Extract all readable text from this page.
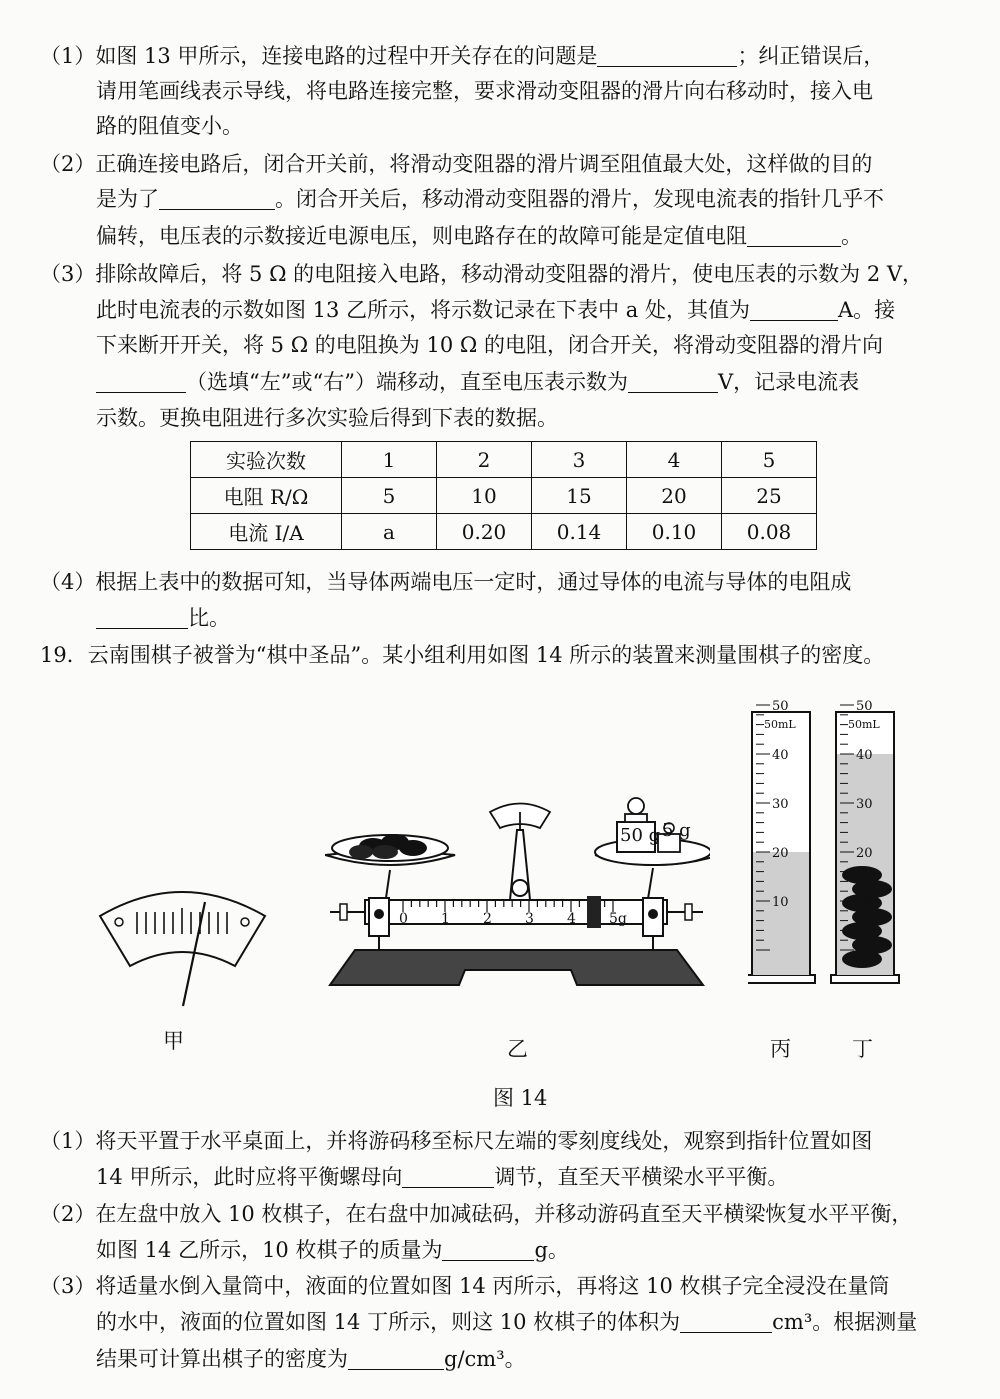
（1）如图 13 甲所示，连接电路的过程中开关存在的问题是	；纠正错误后，
请用笔画线表示导线，将电路连接完整，要求滑动变阻器的滑片向右移动时，接入电
路的阻值变小。
（2）正确连接电路后，闭合开关前，将滑动变阻器的滑片调至阻值最大处，这样做的目的
是为了	。闭合开关后，移动滑动变阻器的滑片，发现电流表的指针几乎不
偏转，电压表的示数接近电源电压，则电路存在的故障可能是定值电阻	。
（3）排除故障后，将 5 Ω 的电阻接入电路，移动滑动变阻器的滑片，使电压表的示数为 2 V，
此时电流表的示数如图 13 乙所示，将示数记录在下表中 a 处，其值为	A。接
下来断开开关，将 5 Ω 的电阻换为 10 Ω 的电阻，闭合开关，将滑动变阻器的滑片向
（选填“左”或“右”）端移动，直至电压表示数为	V，记录电流表
示数。更换电阻进行多次实验后得到下表的数据。
实验次数	1	2	3	4	5
电阻 R/Ω	5	10	15	20	25
电流 I/A	a	0.20	0.14	0.10	0.08
（4）根据上表中的数据可知，当导体两端电压一定时，通过导体的电流与导体的电阻成
比。
19．云南围棋子被誉为“棋中圣品”。某小组利用如图 14 所示的装置来测量围棋子的密度。
0 1 2 3 4 5g
50 g 5 g
50mL
50
40
30
20
10
50mL
50
40
30
20
10
甲	乙	丙	丁
图 14
（1）将天平置于水平桌面上，并将游码移至标尺左端的零刻度线处，观察到指针位置如图
14 甲所示，此时应将平衡螺母向	调节，直至天平横梁水平平衡。
（2）在左盘中放入 10 枚棋子，在右盘中加减砝码，并移动游码直至天平横梁恢复水平平衡，
如图 14 乙所示，10 枚棋子的质量为	g。
（3）将适量水倒入量筒中，液面的位置如图 14 丙所示，再将这 10 枚棋子完全浸没在量筒
的水中，液面的位置如图 14 丁所示，则这 10 枚棋子的体积为	cm³。根据测量
结果可计算出棋子的密度为	g/cm³。
